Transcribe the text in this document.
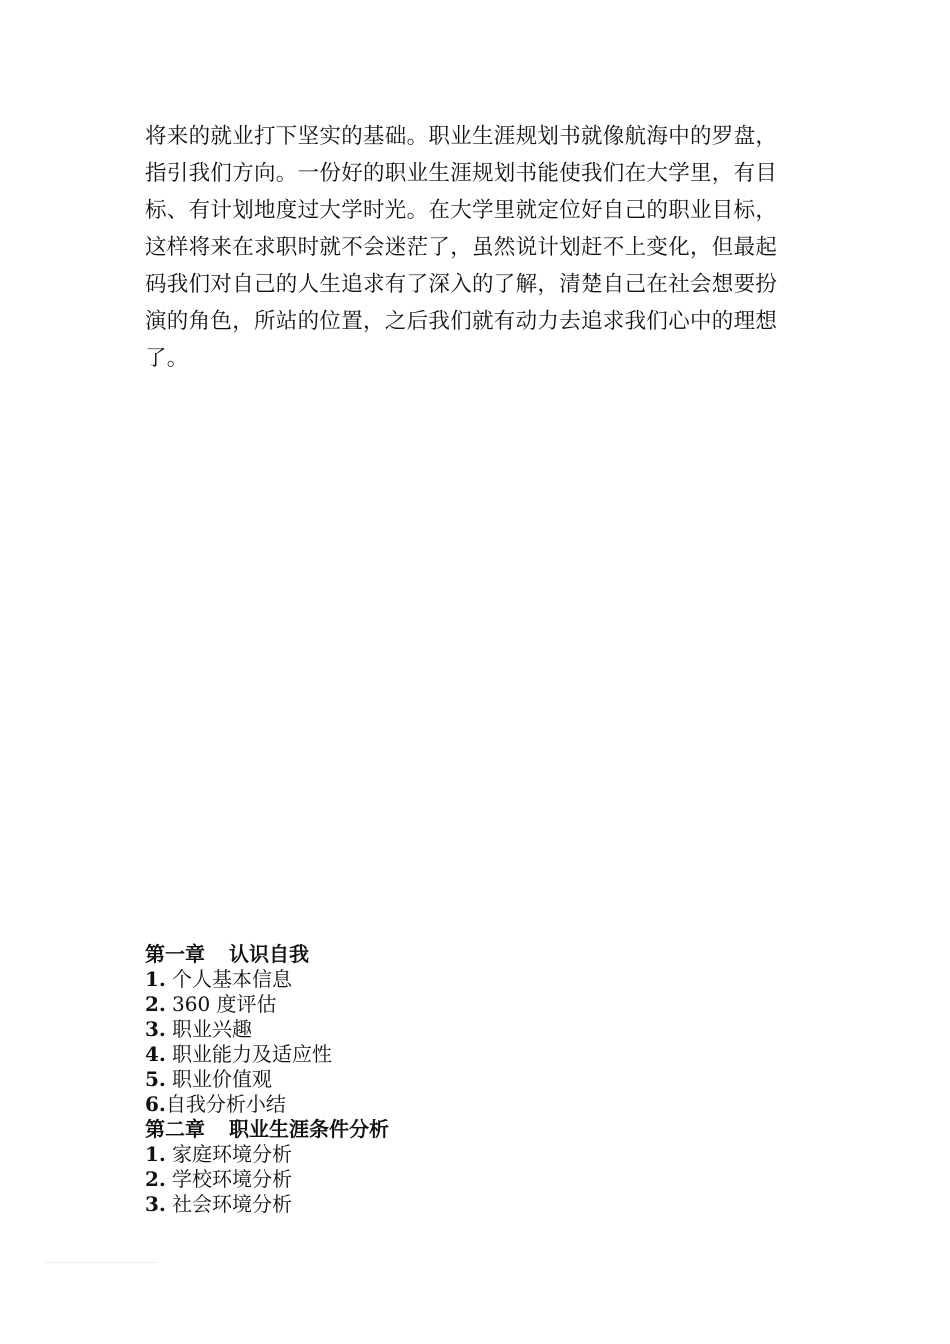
将来的就业打下坚实的基础。职业生涯规划书就像航海中的罗盘，

指引我们方向。一份好的职业生涯规划书能使我们在大学里，有目

标、有计划地度过大学时光。在大学里就定位好自己的职业目标，

这样将来在求职时就不会迷茫了，虽然说计划赶不上变化，但最起

码我们对自己的人生追求有了深入的了解，清楚自己在社会想要扮

演的角色，所站的位置，之后我们就有动力去追求我们心中的理想

了。

第一章 认识自我
1. 个人基本信息
2. 360 度评估
3. 职业兴趣
4. 职业能力及适应性
5. 职业价值观
6.自我分析小结
第二章 职业生涯条件分析
1. 家庭环境分析
2. 学校环境分析
3. 社会环境分析
